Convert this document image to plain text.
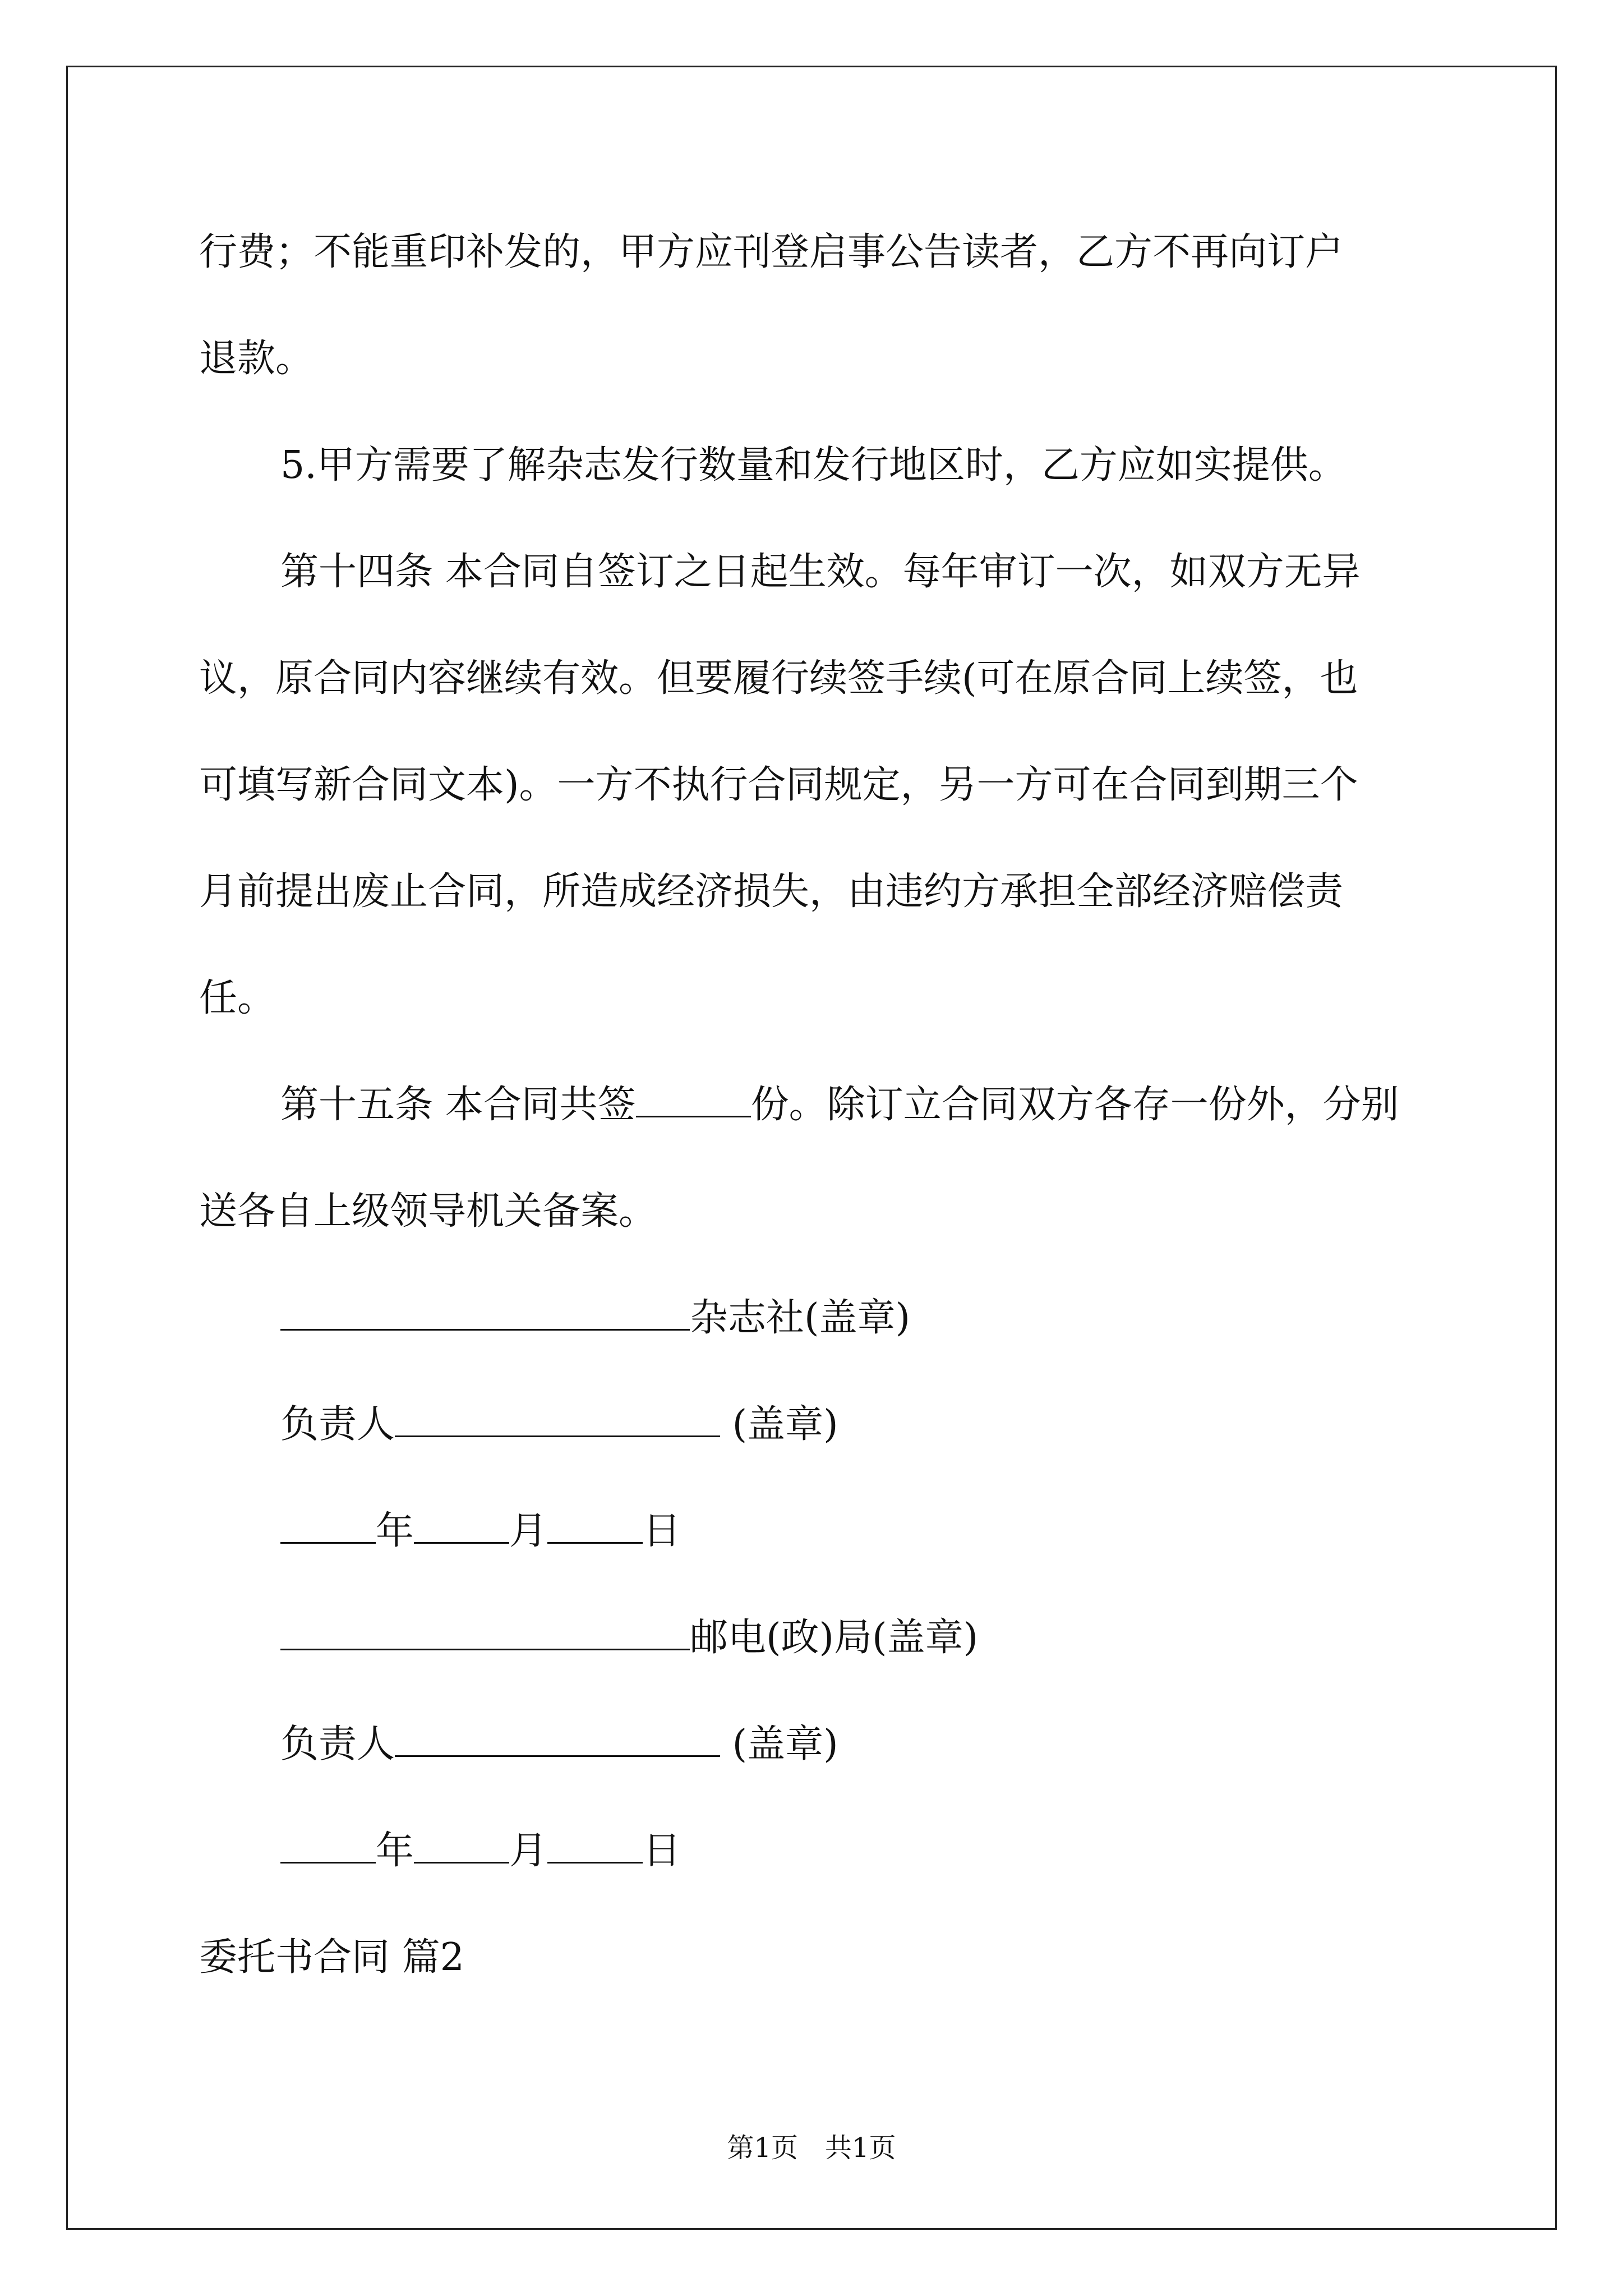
行费；不能重印补发的，甲方应刊登启事公告读者，乙方不再向订户

退款。

5.甲方需要了解杂志发行数量和发行地区时，乙方应如实提供。

第十四条 本合同自签订之日起生效。每年审订一次，如双方无异

议，原合同内容继续有效。但要履行续签手续(可在原合同上续签，也

可填写新合同文本)。一方不执行合同规定，另一方可在合同到期三个

月前提出废止合同，所造成经济损失，由违约方承担全部经济赔偿责

任。

第十五条 本合同共签	份。除订立合同双方各存一份外，分别

送各自上级领导机关备案。

杂志社(盖章)

负责人	(盖章)

年	月	日

邮电(政)局(盖章)

负责人	(盖章)

年	月	日

委托书合同 篇2

第1页　共1页
